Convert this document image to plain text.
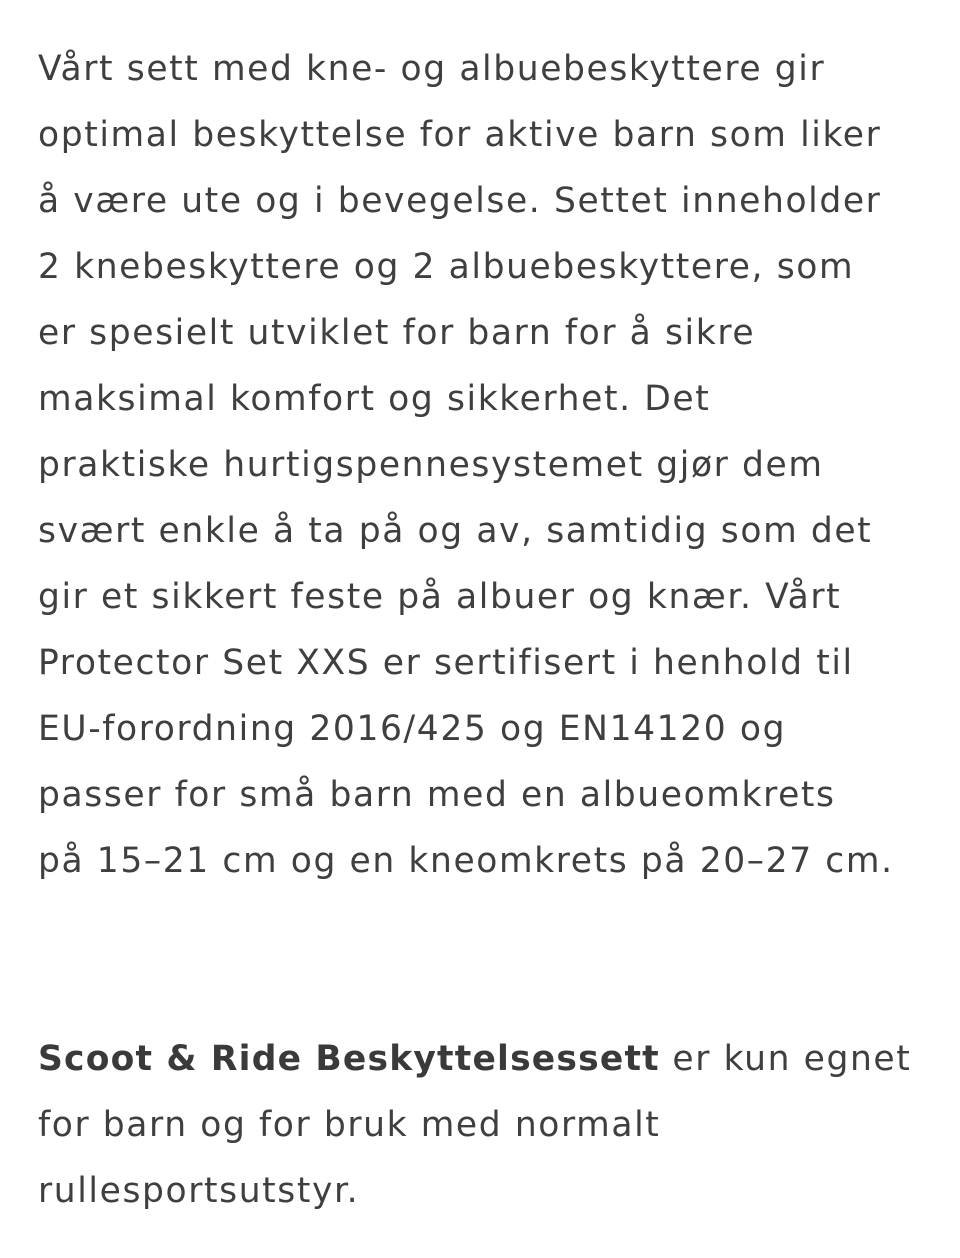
Vårt sett med kne- og albuebeskyttere gir
optimal beskyttelse for aktive barn som liker
å være ute og i bevegelse. Settet inneholder
2 knebeskyttere og 2 albuebeskyttere, som
er spesielt utviklet for barn for å sikre
maksimal komfort og sikkerhet. Det
praktiske hurtigspennesystemet gjør dem
svært enkle å ta på og av, samtidig som det
gir et sikkert feste på albuer og knær. Vårt
Protector Set XXS er sertifisert i henhold til
EU-forordning 2016/425 og EN14120 og
passer for små barn med en albueomkrets
på 15–21 cm og en kneomkrets på 20–27 cm.

Scoot & Ride Beskyttelsessett er kun egnet
for barn og for bruk med normalt
rullesportsutstyr.
